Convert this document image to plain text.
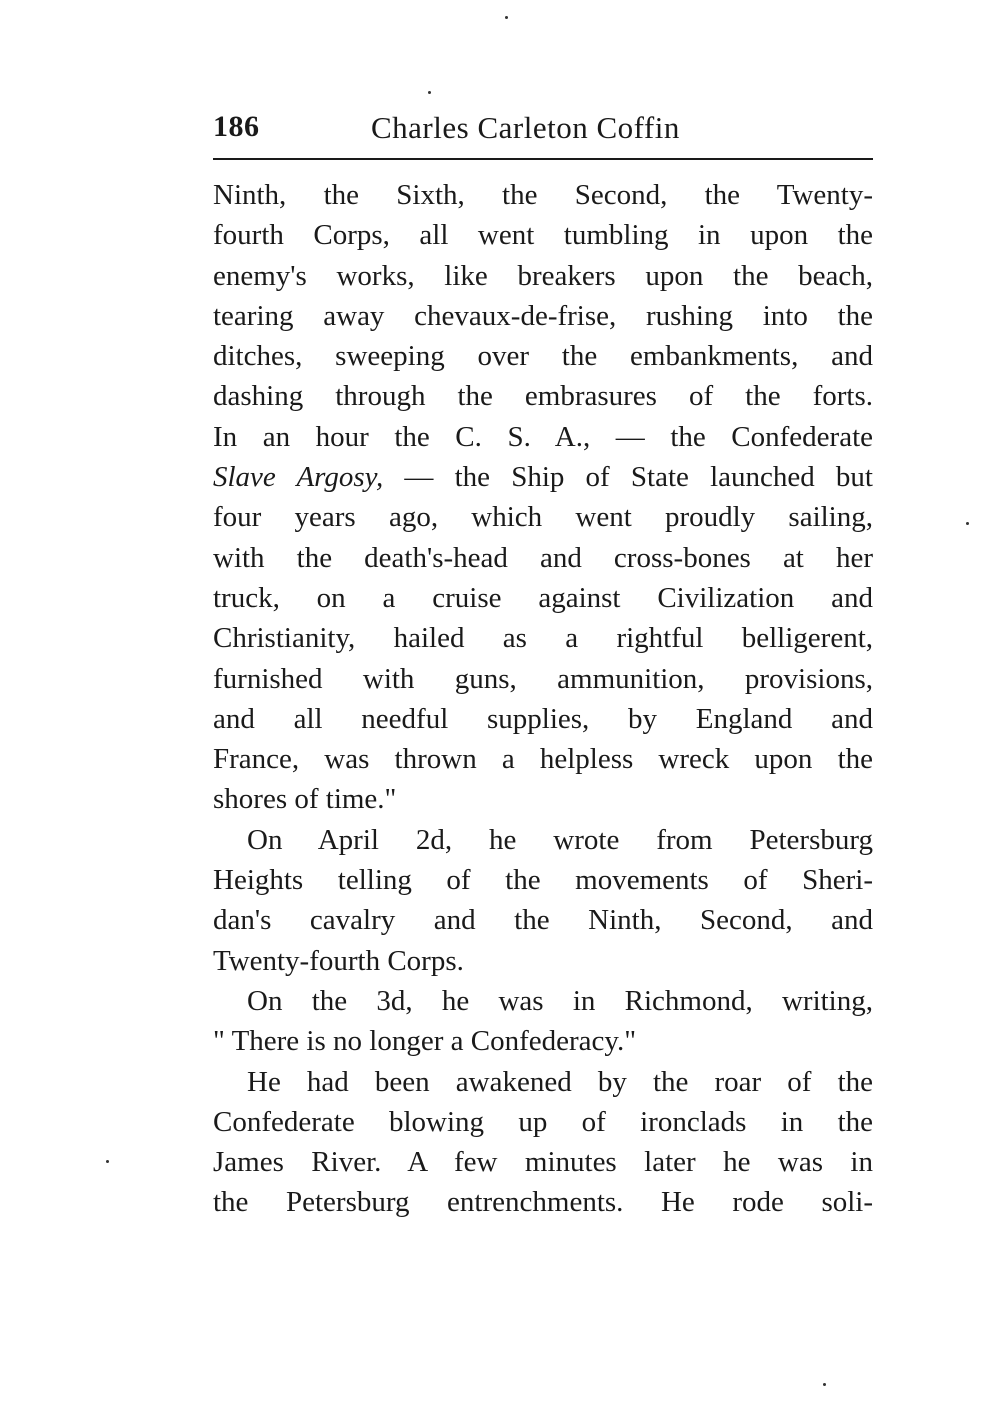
186	Charles Carleton Coffin
Ninth, the Sixth, the Second, the Twenty-
fourth Corps, all went tumbling in upon the
enemy's works, like breakers upon the beach,
tearing away chevaux-de-frise, rushing into the
ditches, sweeping over the embankments, and
dashing through the embrasures of the forts.
In an hour the C. S. A., — the Confederate
Slave Argosy, — the Ship of State launched but
four years ago, which went proudly sailing,
with the death's-head and cross-bones at her
truck, on a cruise against Civilization and
Christianity, hailed as a rightful belligerent,
furnished with guns, ammunition, provisions,
and all needful supplies, by England and
France, was thrown a helpless wreck upon the
shores of time."
On April 2d, he wrote from Petersburg
Heights telling of the movements of Sheri-
dan's cavalry and the Ninth, Second, and
Twenty-fourth Corps.
On the 3d, he was in Richmond, writing,
" There is no longer a Confederacy."
He had been awakened by the roar of the
Confederate blowing up of ironclads in the
James River. A few minutes later he was in
the Petersburg entrenchments. He rode soli-
